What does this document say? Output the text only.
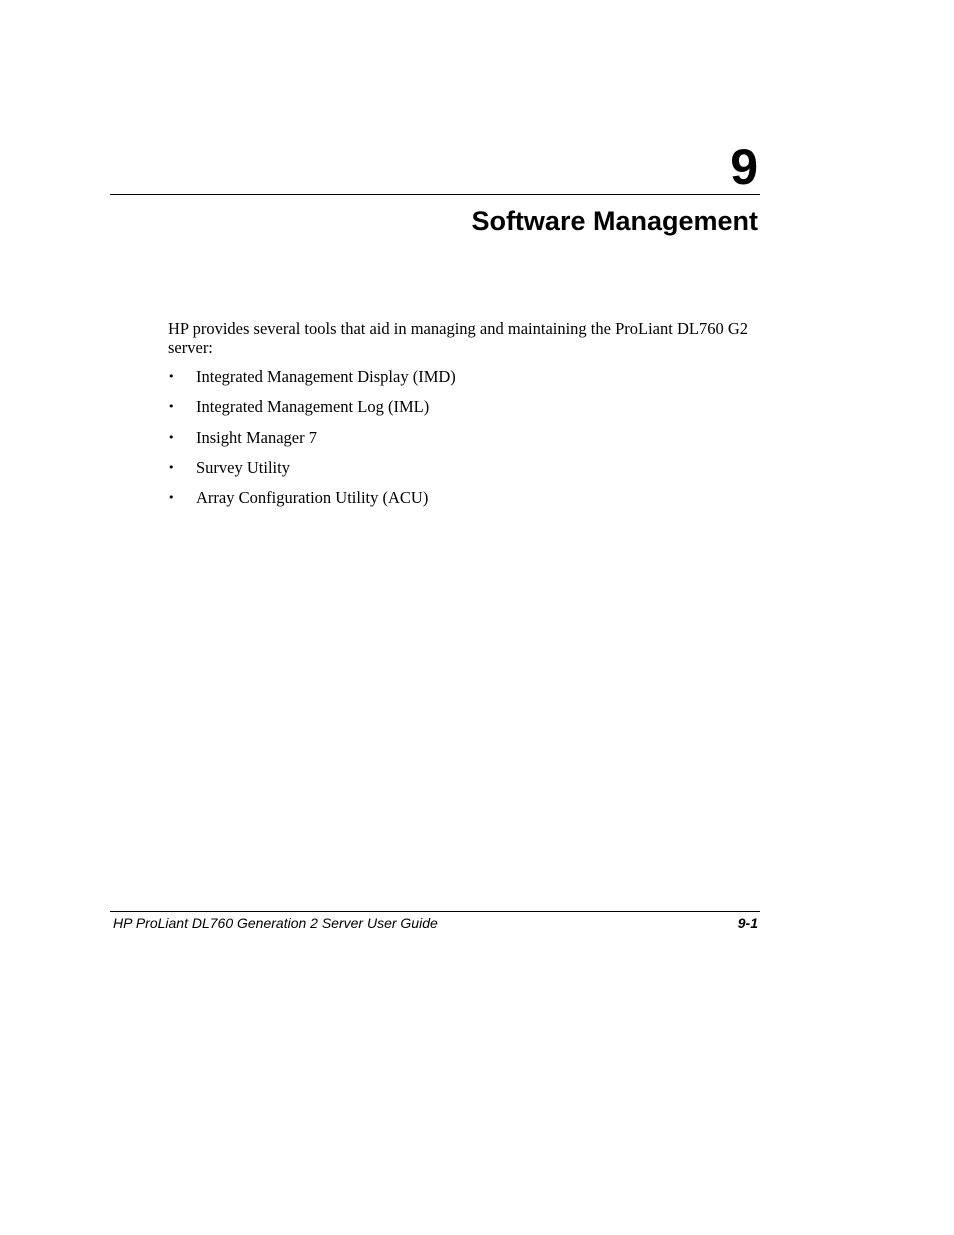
9
Software Management

HP provides several tools that aid in managing and maintaining the ProLiant DL760 G2 server:

• Integrated Management Display (IMD)
• Integrated Management Log (IML)
• Insight Manager 7
• Survey Utility
• Array Configuration Utility (ACU)
HP ProLiant DL760 Generation 2 Server User Guide	9-1
